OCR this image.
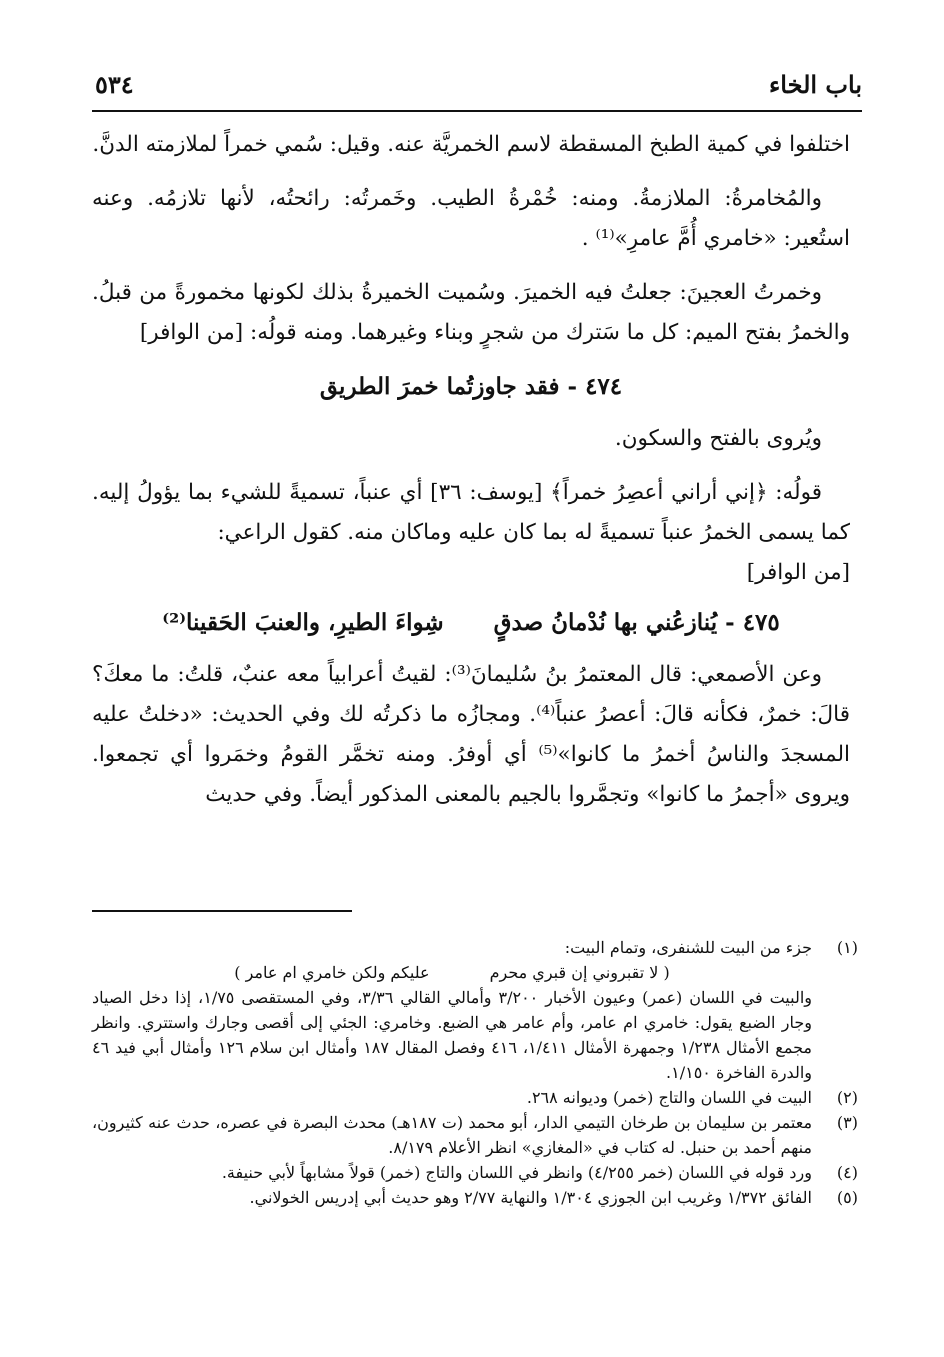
باب الخاء
٥٣٤

اختلفوا في كمية الطبخ المسقطة لاسم الخمريَّة عنه. وقيل: سُمي خمراً لملازمته الدنَّ.

والمُخامرةُ: الملازمةُ. ومنه: خُمْرةُ الطيب. وخَمرتُه: رائحتُه، لأنها تلازمُه. وعنه استُعير: «خامري أُمَّ عامرِ»⁽¹⁾ .

وخمرتُ العجينَ: جعلتُ فيه الخميرَ. وسُميت الخميرةُ بذلك لكونها مخمورةً من قبلُ. والخمرُ بفتح الميم: كل ما سَترك من شجرٍ وبناء وغيرهما. ومنه قولُه: [من الوافر]

٤٧٤ - فقد جاوزتُما خمرَ الطريق

ويُروى بالفتح والسكون.

قولُه: ﴿إني أراني أعصِرُ خمراً﴾ [يوسف: ٣٦] أي عنباً، تسميةً للشيء بما يؤولُ إليه. كما يسمى الخمرُ عنباً تسميةً له بما كان عليه وماكان منه. كقول الراعي:

[من الوافر]

٤٧٥ - يُنازعُني بها نُدْمانُ صدقٍ
شِواءَ الطيرِ، والعنبَ الحَقينا⁽²⁾

وعن الأصمعي: قال المعتمرُ بنُ سُليمانَ⁽³⁾: لقيتُ أعرابياً معه عنبٌ، قلتُ: ما معكَ؟ قالَ: خمرٌ، فكأنه قالَ: أعصرُ عنباً⁽⁴⁾. ومجازُه ما ذكرتُه لك وفي الحديث: «دخلتُ عليه المسجدَ والناسُ أخمرُ ما كانوا»⁽⁵⁾ أي أوفرُ. ومنه تخمَّر القومُ وخمَروا أي تجمعوا. ويروى «أجمرُ ما كانوا» وتجمَّروا بالجيم بالمعنى المذكور أيضاً. وفي حديث

(١)
جزء من البيت للشنفرى، وتمام البيت:
( لا تقبروني إن قبري محرم
عليكم ولكن خامري ام عامر )
والبيت في اللسان (عمر) وعيون الأخبار ٣/٢٠٠ وأمالي القالي ٣/٣٦، وفي المستقصى ١/٧٥، إذا دخل الصياد وجار الضبع يقول: خامري ام عامر، وأم عامر هي الضبع. وخامري: الجئي إلى أقصى وجارك واستتري. وانظر مجمع الأمثال ١/٢٣٨ وجمهرة الأمثال ١/٤١١، ٤١٦ وفصل المقال ١٨٧ وأمثال ابن سلام ١٢٦ وأمثال أبي فيد ٤٦ والدرة الفاخرة ١/١٥٠.
(٢)
البيت في اللسان والتاج (خمر) وديوانه ٢٦٨.
(٣)
معتمر بن سليمان بن طرخان التيمي الدار، أبو محمد (ت ١٨٧هـ) محدث البصرة في عصره، حدث عنه كثيرون، منهم أحمد بن حنبل. له كتاب في «المغازي» انظر الأعلام ٨/١٧٩.
(٤)
ورد قوله في اللسان (خمر ٤/٢٥٥) وانظر في اللسان والتاج (خمر) قولاً مشابهاً لأبي حنيفة.
(٥)
الفائق ١/٣٧٢ وغريب ابن الجوزي ١/٣٠٤ والنهاية ٢/٧٧ وهو حديث أبي إدريس الخولاني.
